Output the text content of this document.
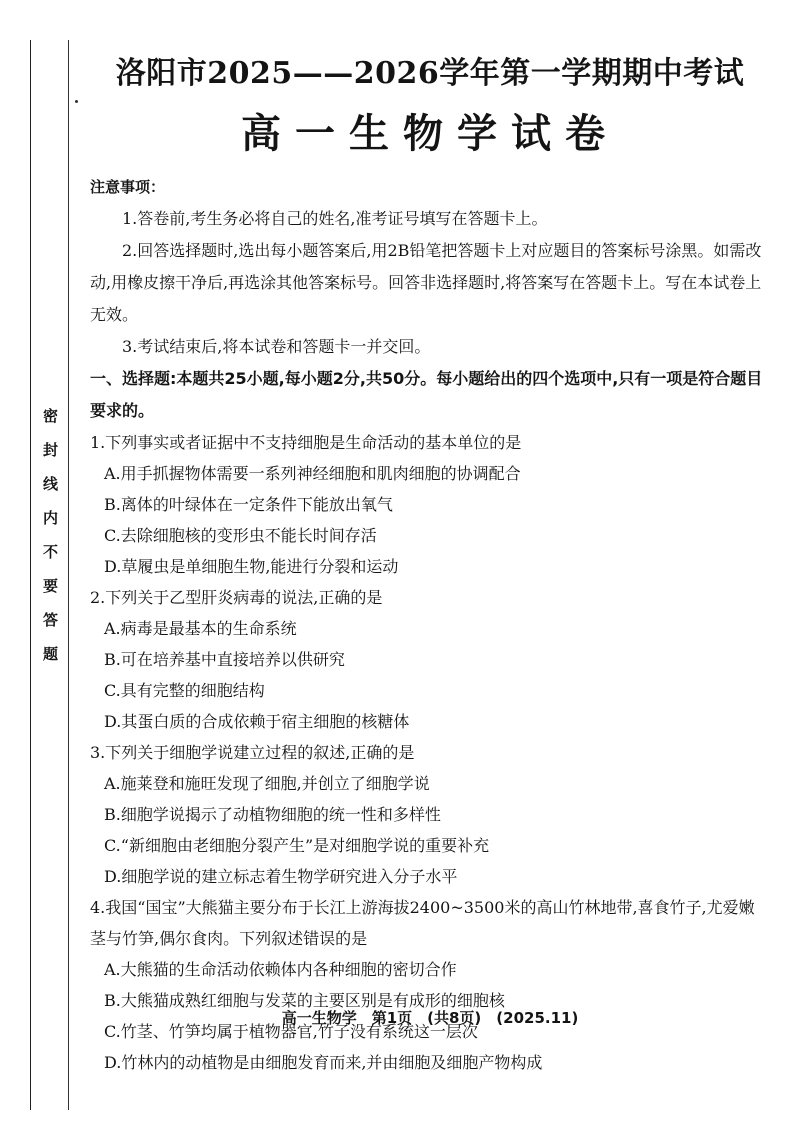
密封线内不要答题
洛阳市2025——2026学年第一学期期中考试
高一生物学试卷

注意事项：

1.答卷前,考生务必将自己的姓名,准考证号填写在答题卡上。

2.回答选择题时,选出每小题答案后,用2B铅笔把答题卡上对应题目的答案标号涂黑。如需改动,用橡皮擦干净后,再选涂其他答案标号。回答非选择题时,将答案写在答题卡上。写在本试卷上无效。

3.考试结束后,将本试卷和答题卡一并交回。

一、选择题:本题共25小题,每小题2分,共50分。每小题给出的四个选项中,只有一项是符合题目要求的。

1.下列事实或者证据中不支持细胞是生命活动的基本单位的是

A.用手抓握物体需要一系列神经细胞和肌肉细胞的协调配合

B.离体的叶绿体在一定条件下能放出氧气

C.去除细胞核的变形虫不能长时间存活

D.草履虫是单细胞生物,能进行分裂和运动

2.下列关于乙型肝炎病毒的说法,正确的是

A.病毒是最基本的生命系统
B.可在培养基中直接培养以供研究
C.具有完整的细胞结构
D.其蛋白质的合成依赖于宿主细胞的核糖体

3.下列关于细胞学说建立过程的叙述,正确的是

A.施莱登和施旺发现了细胞,并创立了细胞学说

B.细胞学说揭示了动植物细胞的统一性和多样性

C.“新细胞由老细胞分裂产生”是对细胞学说的重要补充

D.细胞学说的建立标志着生物学研究进入分子水平

4.我国“国宝”大熊猫主要分布于长江上游海拔2400~3500米的高山竹林地带,喜食竹子,尤爱嫩茎与竹笋,偶尔食肉。下列叙述错误的是

A.大熊猫的生命活动依赖体内各种细胞的密切合作

B.大熊猫成熟红细胞与发菜的主要区别是有成形的细胞核

C.竹茎、竹笋均属于植物器官,竹子没有系统这一层次

D.竹林内的动植物是由细胞发育而来,并由细胞及细胞产物构成

高一生物学　第1页　(共8页)　(2025.11)
